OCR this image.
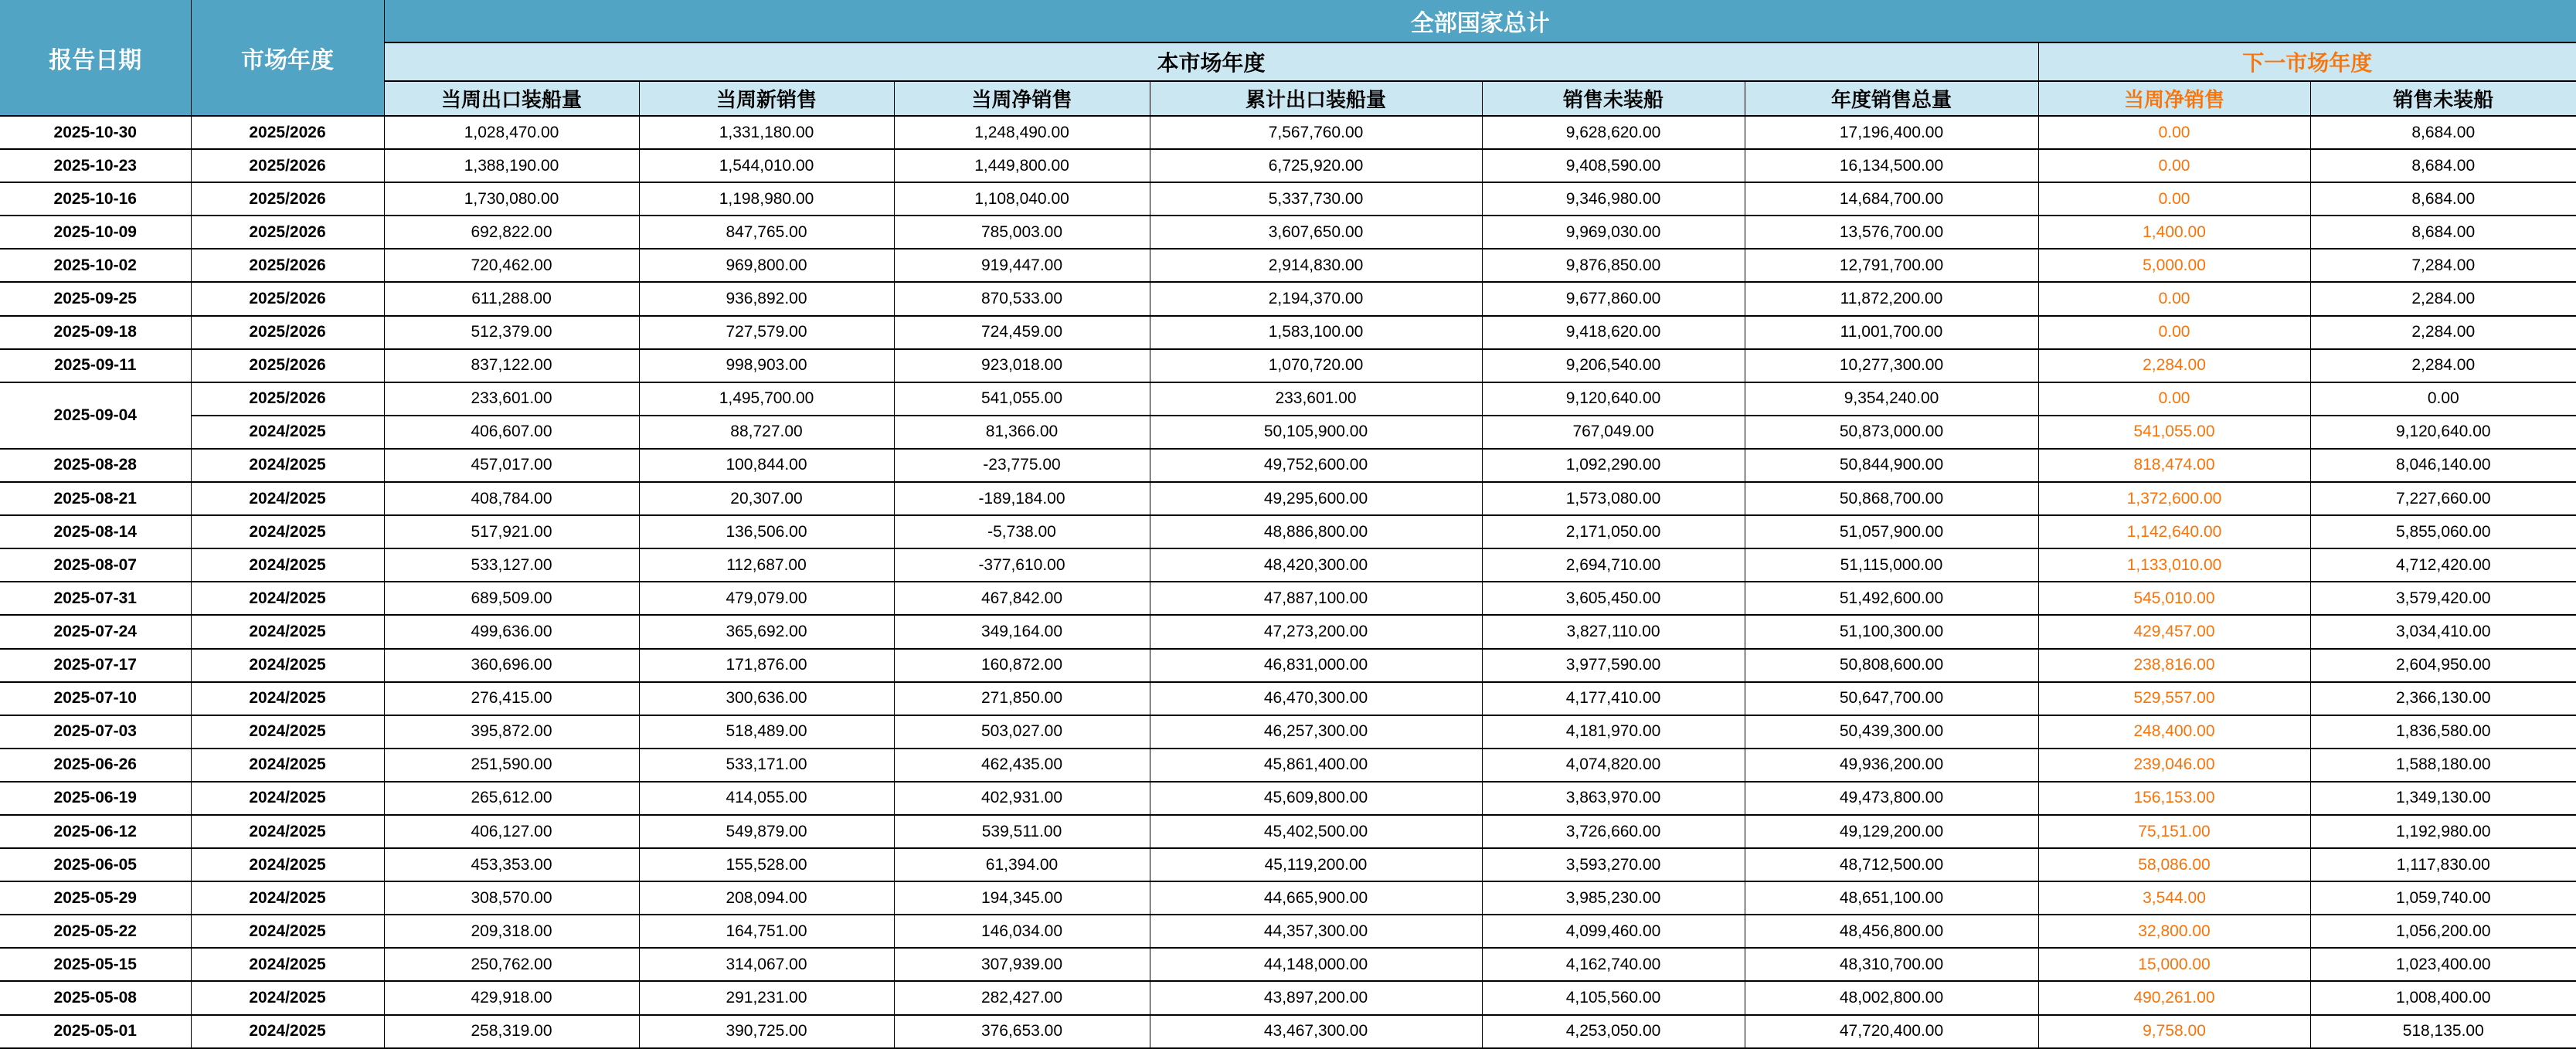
报告日期	市场年度	全部国家总计							
		本市场年度						下一市场年度	
		当周出口装船量	当周新销售	当周净销售	累计出口装船量	销售未装船	年度销售总量	当周净销售	销售未装船
2025-10-30	2025/2026	1,028,470.00	1,331,180.00	1,248,490.00	7,567,760.00	9,628,620.00	17,196,400.00	0.00	8,684.00
2025-10-23	2025/2026	1,388,190.00	1,544,010.00	1,449,800.00	6,725,920.00	9,408,590.00	16,134,500.00	0.00	8,684.00
2025-10-16	2025/2026	1,730,080.00	1,198,980.00	1,108,040.00	5,337,730.00	9,346,980.00	14,684,700.00	0.00	8,684.00
2025-10-09	2025/2026	692,822.00	847,765.00	785,003.00	3,607,650.00	9,969,030.00	13,576,700.00	1,400.00	8,684.00
2025-10-02	2025/2026	720,462.00	969,800.00	919,447.00	2,914,830.00	9,876,850.00	12,791,700.00	5,000.00	7,284.00
2025-09-25	2025/2026	611,288.00	936,892.00	870,533.00	2,194,370.00	9,677,860.00	11,872,200.00	0.00	2,284.00
2025-09-18	2025/2026	512,379.00	727,579.00	724,459.00	1,583,100.00	9,418,620.00	11,001,700.00	0.00	2,284.00
2025-09-11	2025/2026	837,122.00	998,903.00	923,018.00	1,070,720.00	9,206,540.00	10,277,300.00	2,284.00	2,284.00
2025-09-04	2025/2026	233,601.00	1,495,700.00	541,055.00	233,601.00	9,120,640.00	9,354,240.00	0.00	0.00
	2024/2025	406,607.00	88,727.00	81,366.00	50,105,900.00	767,049.00	50,873,000.00	541,055.00	9,120,640.00
2025-08-28	2024/2025	457,017.00	100,844.00	-23,775.00	49,752,600.00	1,092,290.00	50,844,900.00	818,474.00	8,046,140.00
2025-08-21	2024/2025	408,784.00	20,307.00	-189,184.00	49,295,600.00	1,573,080.00	50,868,700.00	1,372,600.00	7,227,660.00
2025-08-14	2024/2025	517,921.00	136,506.00	-5,738.00	48,886,800.00	2,171,050.00	51,057,900.00	1,142,640.00	5,855,060.00
2025-08-07	2024/2025	533,127.00	112,687.00	-377,610.00	48,420,300.00	2,694,710.00	51,115,000.00	1,133,010.00	4,712,420.00
2025-07-31	2024/2025	689,509.00	479,079.00	467,842.00	47,887,100.00	3,605,450.00	51,492,600.00	545,010.00	3,579,420.00
2025-07-24	2024/2025	499,636.00	365,692.00	349,164.00	47,273,200.00	3,827,110.00	51,100,300.00	429,457.00	3,034,410.00
2025-07-17	2024/2025	360,696.00	171,876.00	160,872.00	46,831,000.00	3,977,590.00	50,808,600.00	238,816.00	2,604,950.00
2025-07-10	2024/2025	276,415.00	300,636.00	271,850.00	46,470,300.00	4,177,410.00	50,647,700.00	529,557.00	2,366,130.00
2025-07-03	2024/2025	395,872.00	518,489.00	503,027.00	46,257,300.00	4,181,970.00	50,439,300.00	248,400.00	1,836,580.00
2025-06-26	2024/2025	251,590.00	533,171.00	462,435.00	45,861,400.00	4,074,820.00	49,936,200.00	239,046.00	1,588,180.00
2025-06-19	2024/2025	265,612.00	414,055.00	402,931.00	45,609,800.00	3,863,970.00	49,473,800.00	156,153.00	1,349,130.00
2025-06-12	2024/2025	406,127.00	549,879.00	539,511.00	45,402,500.00	3,726,660.00	49,129,200.00	75,151.00	1,192,980.00
2025-06-05	2024/2025	453,353.00	155,528.00	61,394.00	45,119,200.00	3,593,270.00	48,712,500.00	58,086.00	1,117,830.00
2025-05-29	2024/2025	308,570.00	208,094.00	194,345.00	44,665,900.00	3,985,230.00	48,651,100.00	3,544.00	1,059,740.00
2025-05-22	2024/2025	209,318.00	164,751.00	146,034.00	44,357,300.00	4,099,460.00	48,456,800.00	32,800.00	1,056,200.00
2025-05-15	2024/2025	250,762.00	314,067.00	307,939.00	44,148,000.00	4,162,740.00	48,310,700.00	15,000.00	1,023,400.00
2025-05-08	2024/2025	429,918.00	291,231.00	282,427.00	43,897,200.00	4,105,560.00	48,002,800.00	490,261.00	1,008,400.00
2025-05-01	2024/2025	258,319.00	390,725.00	376,653.00	43,467,300.00	4,253,050.00	47,720,400.00	9,758.00	518,135.00
